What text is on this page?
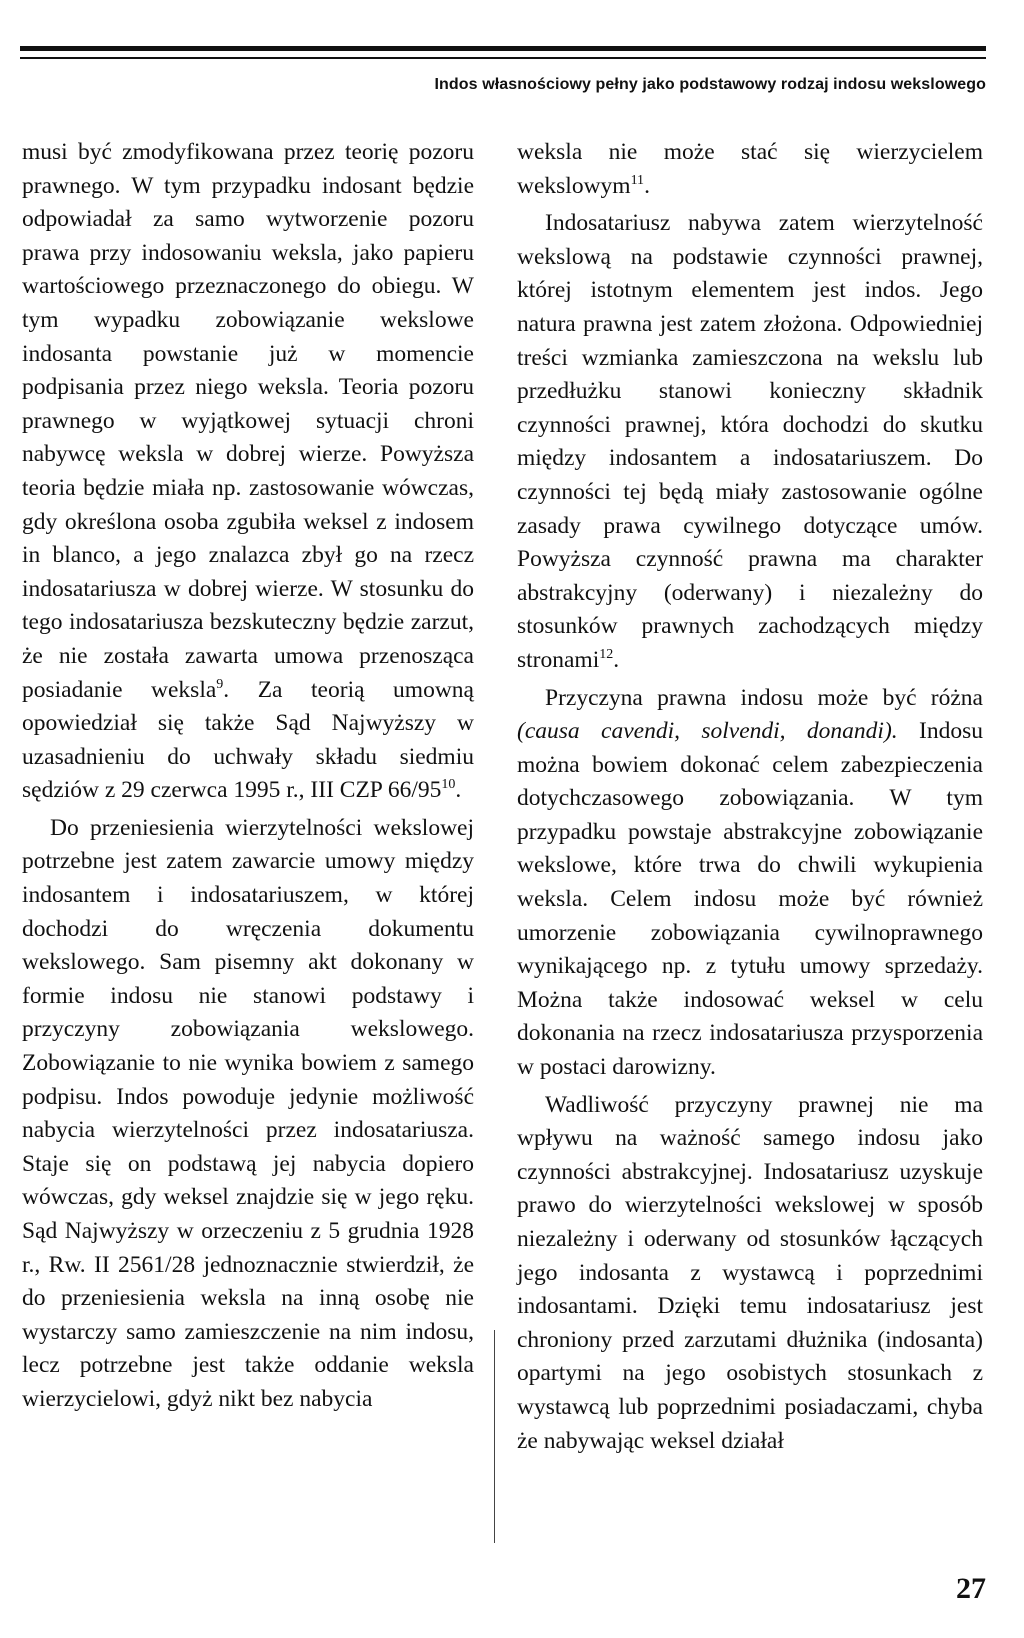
Indos własnościowy pełny jako podstawowy rodzaj indosu wekslowego

musi być zmodyfikowana przez teorię pozoru prawnego. W tym przypadku indosant będzie odpowiadał za samo wytworzenie pozoru prawa przy indosowaniu weksla, jako papieru wartościowego przeznaczonego do obiegu. W tym wypadku zobowiązanie wekslowe indosanta powstanie już w momencie podpisania przez niego weksla. Teoria pozoru prawnego w wyjątkowej sytuacji chroni nabywcę weksla w dobrej wierze. Powyższa teoria będzie miała np. zastosowanie wówczas, gdy określona osoba zgubiła weksel z indosem in blanco, a jego znalazca zbył go na rzecz indosatariusza w dobrej wierze. W stosunku do tego indosatariusza bezskuteczny będzie zarzut, że nie została zawarta umowa przenosząca posiadanie weksla$^9$. Za teorią umowną opowiedział się także Sąd Najwyższy w uzasadnieniu do uchwały składu siedmiu sędziów z 29 czerwca 1995 r., III CZP $66/95^{10}$.

Do przeniesienia wierzytelności wekslowej potrzebne jest zatem zawarcie umowy między indosantem i indosatariuszem, w której dochodzi do wręczenia dokumentu wekslowego. Sam pisemny akt dokonany w formie indosu nie stanowi podstawy i przyczyny zobowiązania wekslowego. Zobowiązanie to nie wynika bowiem z samego podpisu. Indos powoduje jedynie możliwość nabycia wierzytelności przez indosatariusza. Staje się on podstawą jej nabycia dopiero wówczas, gdy weksel znajdzie się w jego ręku. Sąd Najwyższy w orzeczeniu z 5 grudnia 1928 r., Rw. II 2561/28 jednoznacznie stwierdził, że do przeniesienia weksla na inną osobę nie wystarczy samo zamieszczenie na nim indosu, lecz potrzebne jest także oddanie weksla wierzycielowi, gdyż nikt bez nabycia

weksla nie może stać się wierzycielem wekslowym$^{11}$.

Indosatariusz nabywa zatem wierzytelność wekslową na podstawie czynności prawnej, której istotnym elementem jest indos. Jego natura prawna jest zatem złożona. Odpowiedniej treści wzmianka zamieszczona na wekslu lub przedłużku stanowi konieczny składnik czynności prawnej, która dochodzi do skutku między indosantem a indosatariuszem. Do czynności tej będą miały zastosowanie ogólne zasady prawa cywilnego dotyczące umów. Powyższa czynność prawna ma charakter abstrakcyjny (oderwany) i niezależny do stosunków prawnych zachodzących między stronami$^{12}$.

Przyczyna prawna indosu może być różna (causa cavendi, solvendi, donandi). Indosu można bowiem dokonać celem zabezpieczenia dotychczasowego zobowiązania. W tym przypadku powstaje abstrakcyjne zobowiązanie wekslowe, które trwa do chwili wykupienia weksla. Celem indosu może być również umorzenie zobowiązania cywilnoprawnego wynikającego np. z tytułu umowy sprzedaży. Można także indosować weksel w celu dokonania na rzecz indosatariusza przysporzenia w postaci darowizny.

Wadliwość przyczyny prawnej nie ma wpływu na ważność samego indosu jako czynności abstrakcyjnej. Indosatariusz uzyskuje prawo do wierzytelności wekslowej w sposób niezależny i oderwany od stosunków łączących jego indosanta z wystawcą i poprzednimi indosantami. Dzięki temu indosatariusz jest chroniony przed zarzutami dłużnika (indosanta) opartymi na jego osobistych stosunkach z wystawcą lub poprzednimi posiadaczami, chyba że nabywając weksel działał

27
